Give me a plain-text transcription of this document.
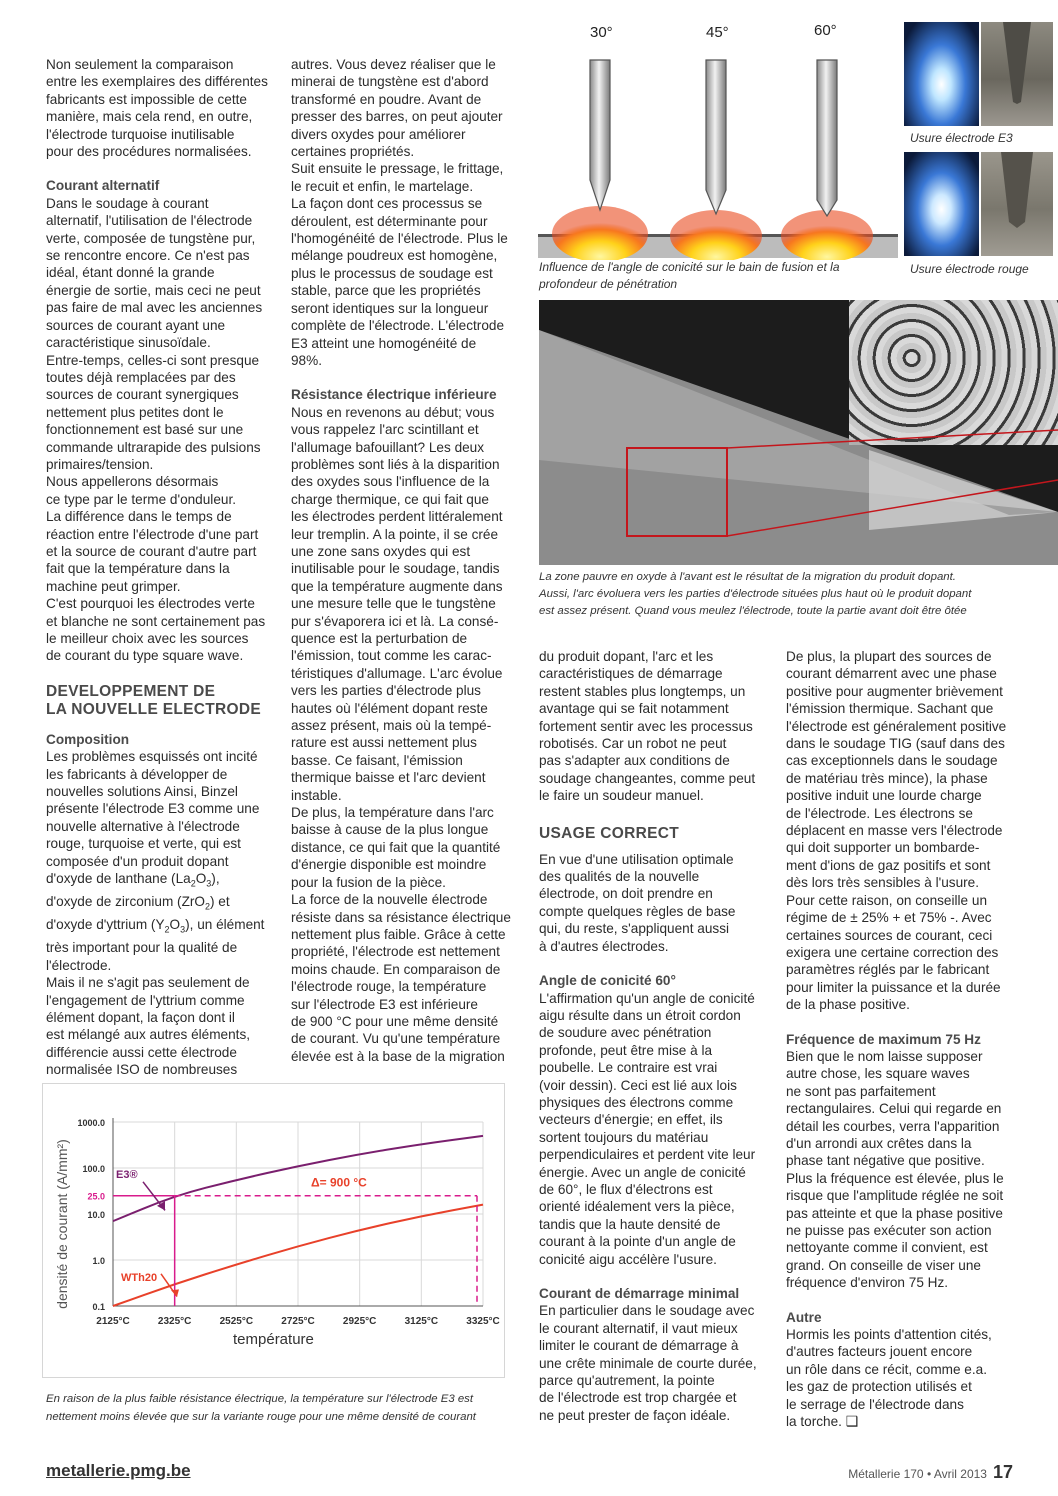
Non seulement la comparaison
entre les exemplaires des différentes
fabricants est impossible de cette
manière, mais cela rend, en outre,
l'électrode turquoise inutilisable
pour des procédures normalisées.

Courant alternatif

Dans le soudage à courant
alternatif, l'utilisation de l'électrode
verte, composée de tungstène pur,
se rencontre encore. Ce n'est pas
idéal, étant donné la grande
énergie de sortie, mais ceci ne peut
pas faire de mal avec les anciennes
sources de courant ayant une
caractéristique sinusoïdale.
Entre-temps, celles-ci sont presque
toutes déjà remplacées par des
sources de courant synergiques
nettement plus petites dont le
fonctionnement est basé sur une
commande ultrarapide des pulsions
primaires/tension.
Nous appellerons désormais
ce type par le terme d'onduleur.
La différence dans le temps de
réaction entre l'électrode d'une part
et la source de courant d'autre part
fait que la température dans la
machine peut grimper.
C'est pourquoi les électrodes verte
et blanche ne sont certainement pas
le meilleur choix avec les sources
de courant du type square wave.

DEVELOPPEMENT DE
LA NOUVELLE ELECTRODE

Composition

Les problèmes esquissés ont incité
les fabricants à développer de
nouvelles solutions Ainsi, Binzel
présente l'électrode E3 comme une
nouvelle alternative à l'électrode
rouge, turquoise et verte, qui est
composée d'un produit dopant

d'oxyde de lanthane $(La_2O_3)$,

d'oxyde de zirconium (ZrO$_2$) et

d'oxyde d'yttrium $(Y_2O_3)$, un élément

très important pour la qualité de
l'électrode.
Mais il ne s'agit pas seulement de
l'engagement de l'yttrium comme
élément dopant, la façon dont il
est mélangé aux autres éléments,
différencie aussi cette électrode
normalisée ISO de nombreuses

autres. Vous devez réaliser que le
minerai de tungstène est d'abord
transformé en poudre. Avant de
presser des barres, on peut ajouter
divers oxydes pour améliorer
certaines propriétés.
Suit ensuite le pressage, le frittage,
le recuit et enfin, le martelage.
La façon dont ces processus se
déroulent, est déterminante pour
l'homogénéité de l'électrode. Plus le
mélange poudreux est homogène,
plus le processus de soudage est
stable, parce que les propriétés
seront identiques sur la longueur
complète de l'électrode. L'électrode
E3 atteint une homogénéité de
98%.

Résistance électrique inférieure

Nous en revenons au début; vous
vous rappelez l'arc scintillant et
l'allumage bafouillant? Les deux
problèmes sont liés à la disparition
des oxydes sous l'influence de la
charge thermique, ce qui fait que
les électrodes perdent littéralement
leur tremplin. A la pointe, il se crée
une zone sans oxydes qui est
inutilisable pour le soudage, tandis
que la température augmente dans
une mesure telle que le tungstène
pur s'évaporera ici et là. La consé-
quence est la perturbation de
l'émission, tout comme les carac-
téristiques d'allumage. L'arc évolue
vers les parties d'électrode plus
hautes où l'élément dopant reste
assez présent, mais où la tempé-
rature est aussi nettement plus
basse. Ce faisant, l'émission
thermique baisse et l'arc devient
instable.
De plus, la température dans l'arc
baisse à cause de la plus longue
distance, ce qui fait que la quantité
d'énergie disponible est moindre
pour la fusion de la pièce.
La force de la nouvelle électrode
résiste dans sa résistance électrique
nettement plus faible. Grâce à cette
propriété, l'électrode est nettement
moins chaude. En comparaison de
l'électrode rouge, la température
sur l'électrode E3 est inférieure
de 900 °C pour une même densité
de courant. Vu qu'une température
élevée est à la base de la migration

du produit dopant, l'arc et les
caractéristiques de démarrage
restent stables plus longtemps, un
avantage qui se fait notamment
fortement sentir avec les processus
robotisés. Car un robot ne peut
pas s'adapter aux conditions de
soudage changeantes, comme peut
le faire un soudeur manuel.

USAGE CORRECT

En vue d'une utilisation optimale
des qualités de la nouvelle
électrode, on doit prendre en
compte quelques règles de base
qui, du reste, s'appliquent aussi
à d'autres électrodes.

Angle de conicité 60°

L'affirmation qu'un angle de conicité
aigu résulte dans un étroit cordon
de soudure avec pénétration
profonde, peut être mise à la
poubelle. Le contraire est vrai
(voir dessin). Ceci est lié aux lois
physiques des électrons comme
vecteurs d'énergie; en effet, ils
sortent toujours du matériau
perpendiculaires et perdent vite leur
énergie. Avec un angle de conicité
de 60°, le flux d'électrons est
orienté idéalement vers la pièce,
tandis que la haute densité de
courant à la pointe d'un angle de
conicité aigu accélère l'usure.

Courant de démarrage minimal

En particulier dans le soudage avec
le courant alternatif, il vaut mieux
limiter le courant de démarrage à
une crête minimale de courte durée,
parce qu'autrement, la pointe
de l'électrode est trop chargée et
ne peut prester de façon idéale.

De plus, la plupart des sources de
courant démarrent avec une phase
positive pour augmenter brièvement
l'émission thermique. Sachant que
l'électrode est généralement positive
dans le soudage TIG (sauf dans des
cas exceptionnels dans le soudage
de matériau très mince), la phase
positive induit une lourde charge
de l'électrode. Les électrons se
déplacent en masse vers l'électrode
qui doit supporter un bombarde-
ment d'ions de gaz positifs et sont
dès lors très sensibles à l'usure.
Pour cette raison, on conseille un
régime de ± 25% + et 75% -. Avec
certaines sources de courant, ceci
exigera une certaine correction des
paramètres réglés par le fabricant
pour limiter la puissance et la durée
de la phase positive.

Fréquence de maximum 75 Hz

Bien que le nom laisse supposer
autre chose, les square waves
ne sont pas parfaitement
rectangulaires. Celui qui regarde en
détail les courbes, verra l'apparition
d'un arrondi aux crêtes dans la
phase tant négative que positive.
Plus la fréquence est élevée, plus le
risque que l'amplitude réglée ne soit
pas atteinte et que la phase positive
ne puisse pas exécuter son action
nettoyante comme il convient, est
grand. On conseille de viser une
fréquence d'environ 75 Hz.

Autre

Hormis les points d'attention cités,
d'autres facteurs jouent encore
un rôle dans ce récit, comme e.a.
les gaz de protection utilisés et
le serrage de l'électrode dans
la torche. ❑

30°	45°	60°
Influence de l'angle de conicité sur le bain de fusion et la
profondeur de pénétration
Usure électrode E3
Usure électrode rouge
La zone pauvre en oxyde à l'avant est le résultat de la migration du produit dopant.
Aussi, l'arc évoluera vers les parties d'électrode situées plus haut où le produit dopant
est assez présent. Quand vous meulez l'électrode, toute la partie avant doit être ôtée
0.1
1.0
10.0
100.0
1000.0
2125°C	2325°C	2525°C	2725°C	2925°C	3125°C	3325°C
température
densité de courant (A/mm²) 25.0
Δ= 900 °C
E3®
WTh20
En raison de la plus faible résistance électrique, la température sur l'électrode E3 est
nettement moins élevée que sur la variante rouge pour une même densité de courant
metallerie.pmg.be	Métallerie 170 • Avril 2013 17
